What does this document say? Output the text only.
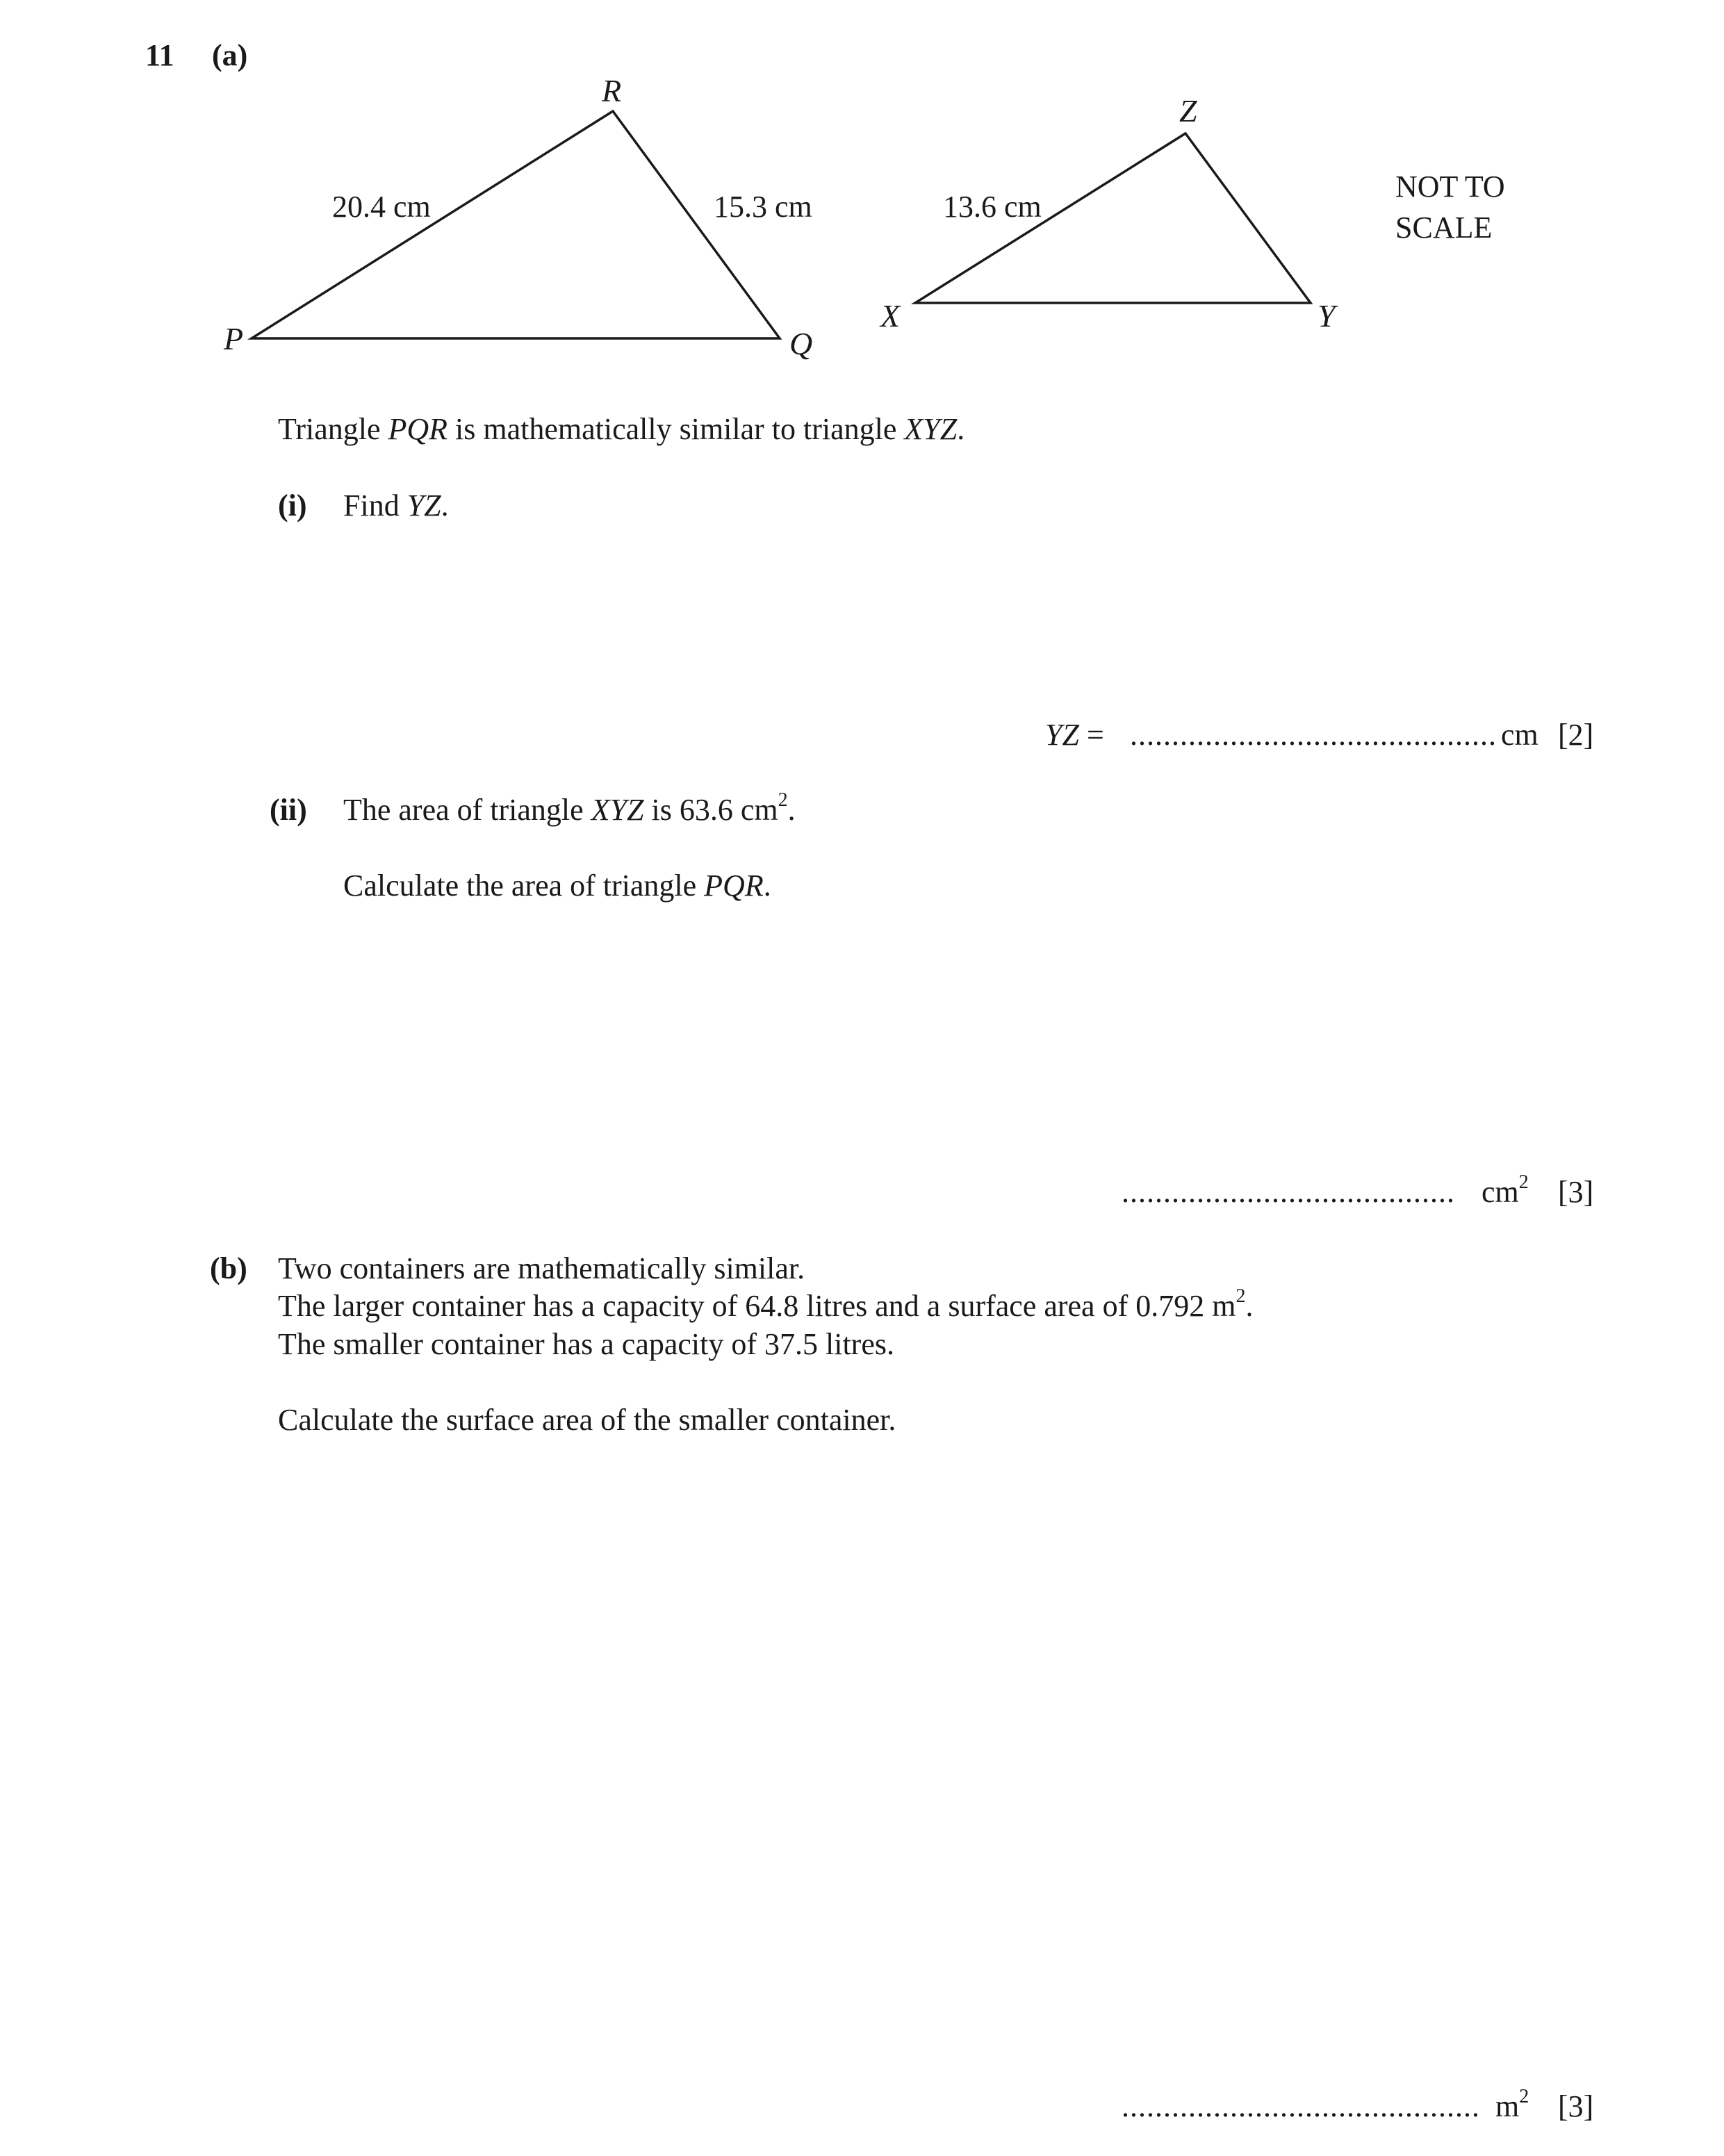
11 (a)
P	Q
R
20.4 cm	15.3 cm
X	Y
Z
13.6 cm
NOT TO
SCALE
Triangle PQR is mathematically similar to triangle XYZ.
(i) Find YZ.
YZ = ............................................ cm [2]
(ii) The area of triangle XYZ is 63.6 $cm^2$.
Calculate the area of triangle PQR.
........................................ $cm^2$ [3]
(b) Two containers are mathematically similar.
The larger container has a capacity of 64.8 litres and a surface area of 0.792 $m^2$.
The smaller container has a capacity of 37.5 litres.
Calculate the surface area of the smaller container.
........................................... $m^2$ [3]
